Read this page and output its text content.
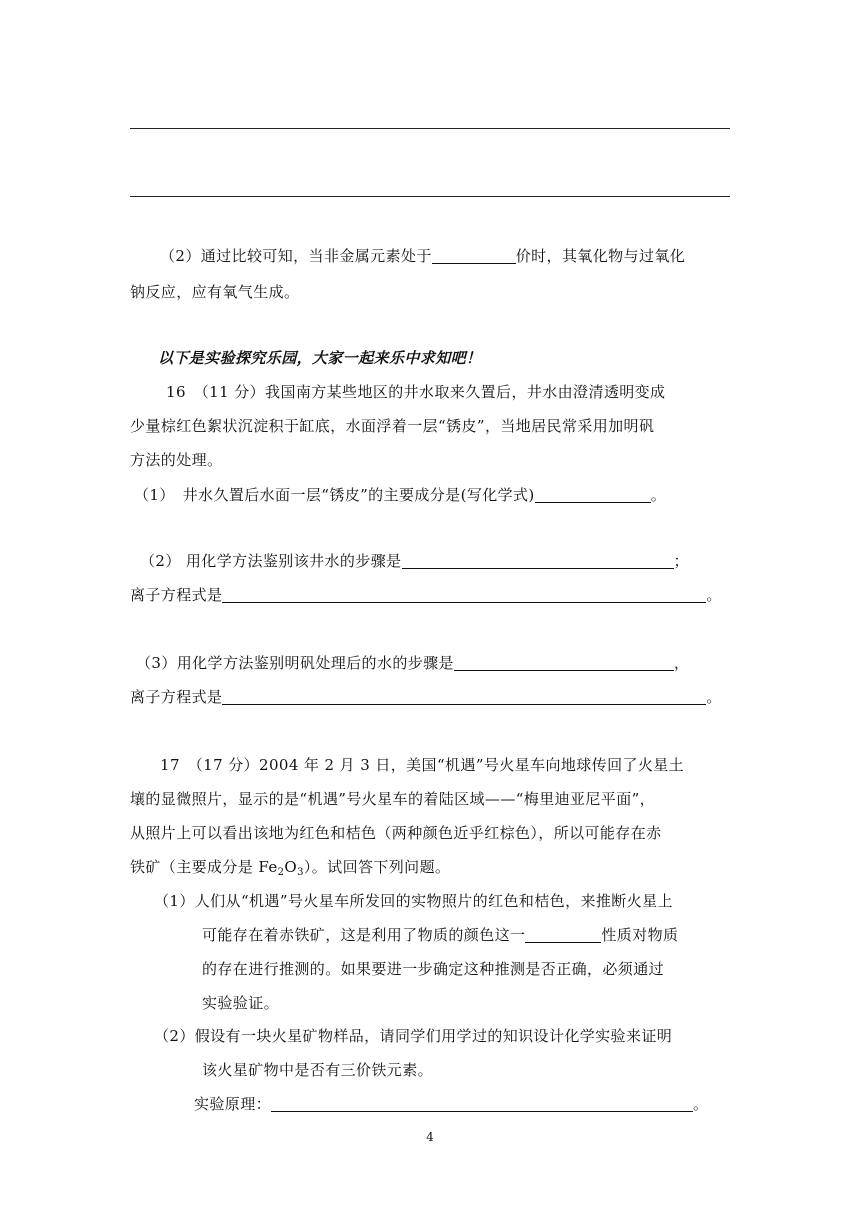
（2）通过比较可知，当非金属元素处于	价时，其氧化物与过氧化
钠反应，应有氧气生成。
以下是实验探究乐园，大家一起来乐中求知吧！
16　（11 分）我国南方某些地区的井水取来久置后，井水由澄清透明变成
少量棕红色絮状沉淀积于缸底，水面浮着一层“锈皮”，当地居民常采用加明矾
方法的处理。
（1）　井水久置后水面一层“锈皮”的主要成分是(写化学式)	。
（2） 用化学方法鉴别该井水的步骤是	；
离子方程式是	。
（3）用化学方法鉴别明矾处理后的水的步骤是	，
离子方程式是	。
17　（17 分）2004 年 2 月 3 日，美国“机遇”号火星车向地球传回了火星土
壤的显微照片，显示的是“机遇”号火星车的着陆区域——“梅里迪亚尼平面”，
从照片上可以看出该地为红色和桔色（两种颜色近乎红棕色），所以可能存在赤
铁矿（主要成分是 $Fe_2O_3$）。试回答下列问题。
（1）人们从“机遇”号火星车所发回的实物照片的红色和桔色，来推断火星上
可能存在着赤铁矿，这是利用了物质的颜色这一	性质对物质
的存在进行推测的。如果要进一步确定这种推测是否正确，必须通过
实验验证。
（2）假设有一块火星矿物样品，请同学们用学过的知识设计化学实验来证明
该火星矿物中是否有三价铁元素。
实验原理：	。
4
